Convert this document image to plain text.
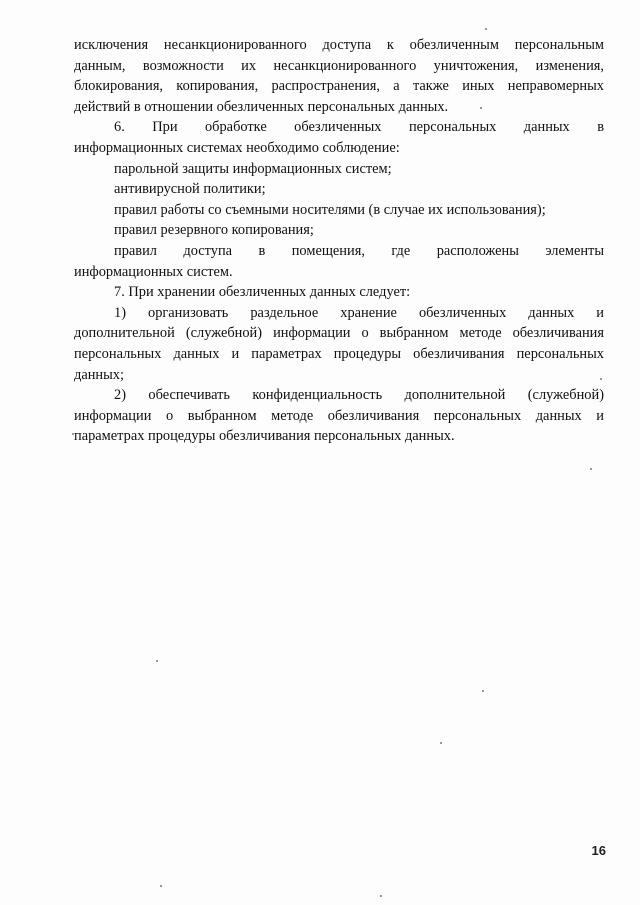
исключения несанкционированного доступа к обезличенным персональным
данным, возможности их несанкционированного уничтожения, изменения,
блокирования, копирования, распространения, а также иных неправомерных
действий в отношении обезличенных персональных данных.
6. При обработке обезличенных персональных данных в
информационных системах необходимо соблюдение:
парольной защиты информационных систем;
антивирусной политики;
правил работы со съемными носителями (в случае их использования);
правил резервного копирования;
правил доступа в помещения, где расположены элементы
информационных систем.
7. При хранении обезличенных данных следует:
1) организовать раздельное хранение обезличенных данных и
дополнительной (служебной) информации о выбранном методе обезличивания
персональных данных и параметрах процедуры обезличивания персональных
данных;
2) обеспечивать конфиденциальность дополнительной (служебной)
информации о выбранном методе обезличивания персональных данных и
параметрах процедуры обезличивания персональных данных.
16
